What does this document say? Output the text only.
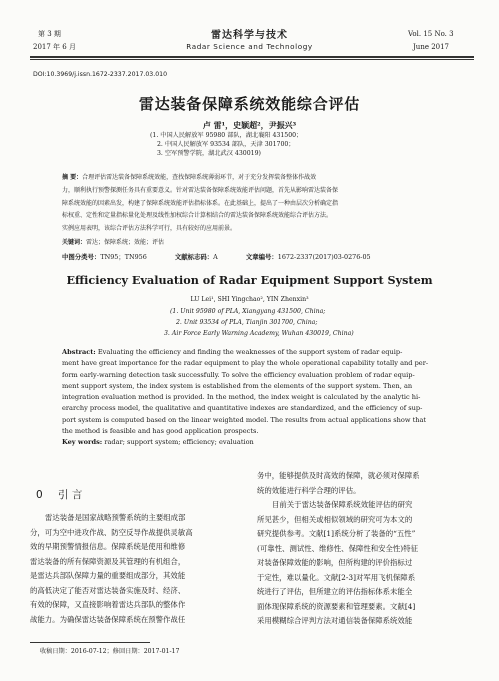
第 3 期
2017 年 6 月
雷达科学与技术
Radar Science and Technology
Vol. 15 No. 3
June 2017
DOI:10.3969/j.issn.1672-2337.2017.03.010
雷达装备保障系统效能综合评估
卢 雷¹，史颖超²，尹振兴³
(1. 中国人民解放军 95980 部队，湖北襄阳 431500；
2. 中国人民解放军 93534 部队，天津 301700；
3. 空军预警学院，湖北武汉 430019)
摘 要：合理评估雷达装备保障系统效能，查找保障系统薄弱环节，对于充分发挥装备整体作战效
力，顺利执行预警探测任务具有重要意义。针对雷达装备保障系统效能评估问题，首先从影响雷达装备保
障系统效能的因素出发，构建了保障系统效能评估指标体系。在此基础上，提出了一种由层次分析确定指
标权重、定性和定量指标量化处理及线性加权综合计算相结合的雷达装备保障系统效能综合评估方法。
实例应用表明，该综合评估方法科学可行，具有较好的应用前景。
关键词：雷达；保障系统；效能；评估
中图分类号：TN95；TN956	文献标志码：A	文章编号：1672-2337(2017)03-0276-05
Efficiency Evaluation of Radar Equipment Support System
LU Lei¹, SHI Yingchao², YIN Zhenxin³
(1. Unit 95980 of PLA, Xiangyang 431500, China;
2. Unit 93534 of PLA, Tianjin 301700, China;
3. Air Force Early Warning Academy, Wuhan 430019, China)
Abstract: Evaluating the efficiency and finding the weaknesses of the support system of radar equip-
ment have great importance for the radar equipment to play the whole operational capability totally and per-
form early-warning detection task successfully. To solve the efficiency evaluation problem of radar equip-
ment support system, the index system is established from the elements of the support system. Then, an
integration evaluation method is provided. In the method, the index weight is calculated by the analytic hi-
erarchy process model, the qualitative and quantitative indexes are standardized, and the efficiency of sup-
port system is computed based on the linear weighted model. The results from actual applications show that
the method is feasible and has good application prospects.
Key words: radar; support system; efficiency; evaluation
0 引 言
雷达装备是国家战略预警系统的主要组成部
分，可为空中进攻作战、防空反导作战提供灵敏高
效的早期预警情报信息。保障系统是使用和维修
雷达装备的所有保障资源及其管理的有机组合，
是雷达兵部队保障力量的重要组成部分，其效能
的高低决定了能否对雷达装备实施及时、经济、
有效的保障，又直接影响着雷达兵部队的整体作
战能力。为确保雷达装备保障系统在预警作战任
务中，能够提供及时高效的保障，就必须对保障系
统的效能进行科学合理的评估。
目前关于雷达装备保障系统效能评估的研究
所见甚少，但相关或相似领域的研究可为本文的
研究提供参考。文献[1]系统分析了装备的“五性”
(可靠性、测试性、维修性、保障性和安全性)特征
对装备保障效能的影响，但所构建的评价指标过
于定性，难以量化。文献[2-3]对军用飞机保障系
统进行了评估，但所建立的评估指标体系未能全
面体现保障系统的资源要素和管理要素。文献[4]
采用模糊综合评判方法对通信装备保障系统效能
收稿日期：2016-07-12；修回日期：2017-01-17
